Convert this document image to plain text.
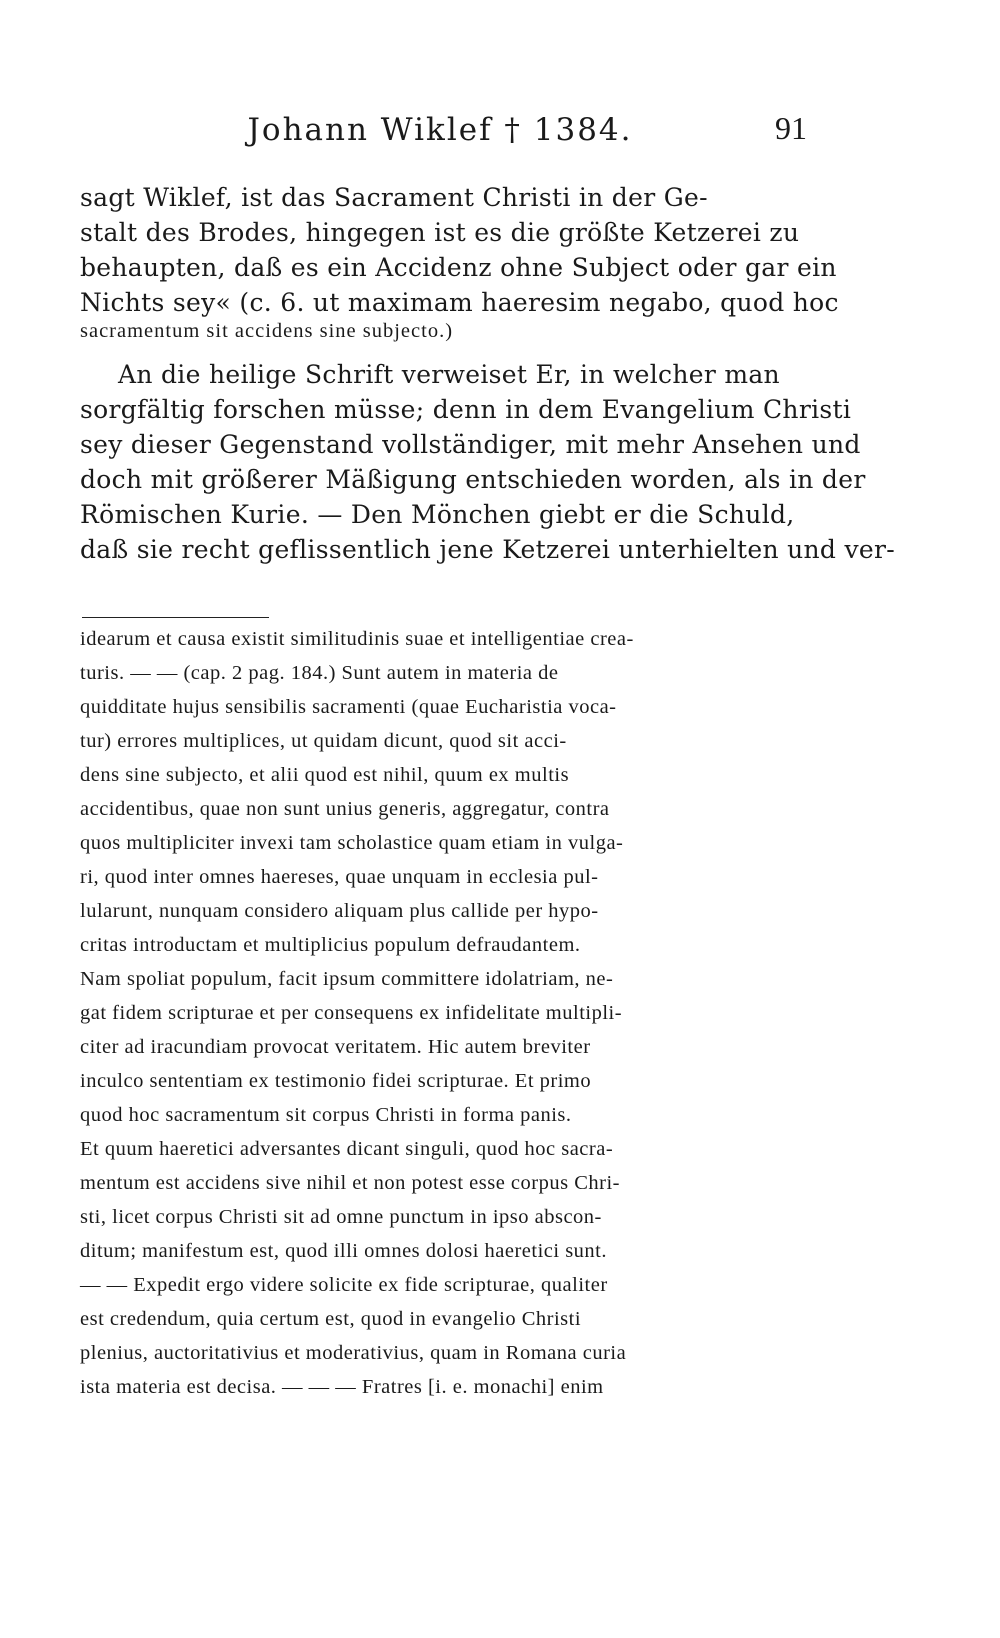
Johann Wiklef † 1384.	91
sagt Wiklef, ist das Sacrament Christi in der Ge-
stalt des Brodes, hingegen ist es die größte Ketzerei zu
behaupten, daß es ein Accidenz ohne Subject oder gar ein
Nichts sey« (c. 6. ut maximam haeresim negabo, quod hoc
sacramentum sit accidens sine subjecto.)
An die heilige Schrift verweiset Er, in welcher man
sorgfältig forschen müsse; denn in dem Evangelium Christi
sey dieser Gegenstand vollständiger, mit mehr Ansehen und
doch mit größerer Mäßigung entschieden worden, als in der
Römischen Kurie. — Den Mönchen giebt er die Schuld,
daß sie recht geflissentlich jene Ketzerei unterhielten und ver-
idearum et causa existit similitudinis suae et intelligentiae crea-
turis. — — (cap. 2 pag. 184.) Sunt autem in materia de
quidditate hujus sensibilis sacramenti (quae Eucharistia voca-
tur) errores multiplices, ut quidam dicunt, quod sit acci-
dens sine subjecto, et alii quod est nihil, quum ex multis
accidentibus, quae non sunt unius generis, aggregatur, contra
quos multipliciter invexi tam scholastice quam etiam in vulga-
ri, quod inter omnes haereses, quae unquam in ecclesia pul-
lularunt, nunquam considero aliquam plus callide per hypo-
critas introductam et multiplicius populum defraudantem.
Nam spoliat populum, facit ipsum committere idolatriam, ne-
gat fidem scripturae et per consequens ex infidelitate multipli-
citer ad iracundiam provocat veritatem. Hic autem breviter
inculco sententiam ex testimonio fidei scripturae. Et primo
quod hoc sacramentum sit corpus Christi in forma panis.
Et quum haeretici adversantes dicant singuli, quod hoc sacra-
mentum est accidens sive nihil et non potest esse corpus Chri-
sti, licet corpus Christi sit ad omne punctum in ipso abscon-
ditum; manifestum est, quod illi omnes dolosi haeretici sunt.
— — Expedit ergo videre solicite ex fide scripturae, qualiter
est credendum, quia certum est, quod in evangelio Christi
plenius, auctoritativius et moderativius, quam in Romana curia
ista materia est decisa. — — — Fratres [i. e. monachi] enim
